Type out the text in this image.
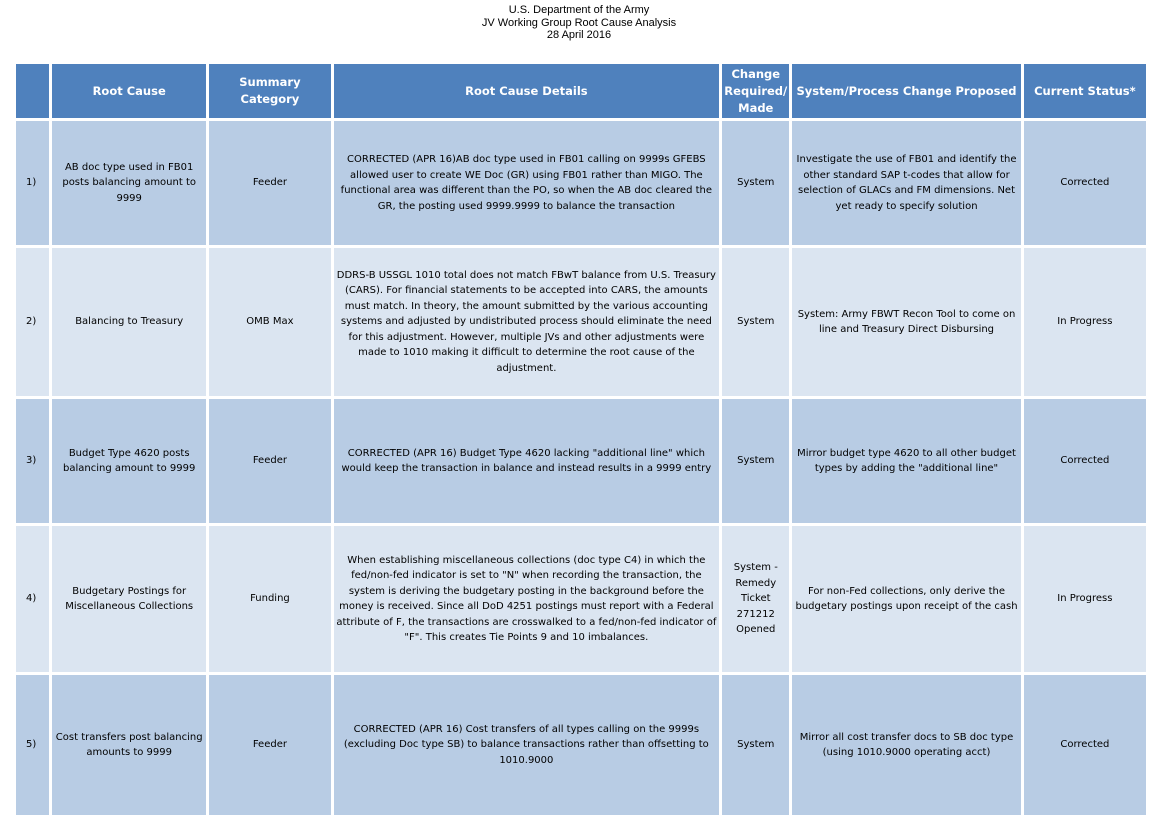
U.S. Department of the Army
JV Working Group Root Cause Analysis
28 April 2016
	Root Cause	Summary Category	Root Cause Details	Change Required/ Made	System/Process Change Proposed	Current Status*
1)	AB doc type used in FB01 posts balancing amount to 9999	Feeder	CORRECTED (APR 16)AB doc type used in FB01 calling on 9999s GFEBS allowed user to create WE Doc (GR) using FB01 rather than MIGO. The functional area was different than the PO, so when the AB doc cleared the GR, the posting used 9999.9999 to balance the transaction	System	Investigate the use of FB01 and identify the other standard SAP t-codes that allow for selection of GLACs and FM dimensions. Net yet ready to specify solution	Corrected
2)	Balancing to Treasury	OMB Max	DDRS-B USSGL 1010 total does not match FBwT balance from U.S. Treasury (CARS). For financial statements to be accepted into CARS, the amounts must match. In theory, the amount submitted by the various accounting systems and adjusted by undistributed process should eliminate the need for this adjustment. However, multiple JVs and other adjustments were made to 1010 making it difficult to determine the root cause of the adjustment.	System	System: Army FBWT Recon Tool to come on line and Treasury Direct Disbursing	In Progress
3)	Budget Type 4620 posts balancing amount to 9999	Feeder	CORRECTED (APR 16) Budget Type 4620 lacking "additional line" which would keep the transaction in balance and instead results in a 9999 entry	System	Mirror budget type 4620 to all other budget types by adding the "additional line"	Corrected
4)	Budgetary Postings for Miscellaneous Collections	Funding	When establishing miscellaneous collections (doc type C4) in which the fed/non-fed indicator is set to "N" when recording the transaction, the system is deriving the budgetary posting in the background before the money is received. Since all DoD 4251 postings must report with a Federal attribute of F, the transactions are crosswalked to a fed/non-fed indicator of "F". This creates Tie Points 9 and 10 imbalances.	System - Remedy Ticket 271212 Opened	For non-Fed collections, only derive the budgetary postings upon receipt of the cash	In Progress
5)	Cost transfers post balancing amounts to 9999	Feeder	CORRECTED (APR 16) Cost transfers of all types calling on the 9999s (excluding Doc type SB) to balance transactions rather than offsetting to 1010.9000	System	Mirror all cost transfer docs to SB doc type (using 1010.9000 operating acct)	Corrected
